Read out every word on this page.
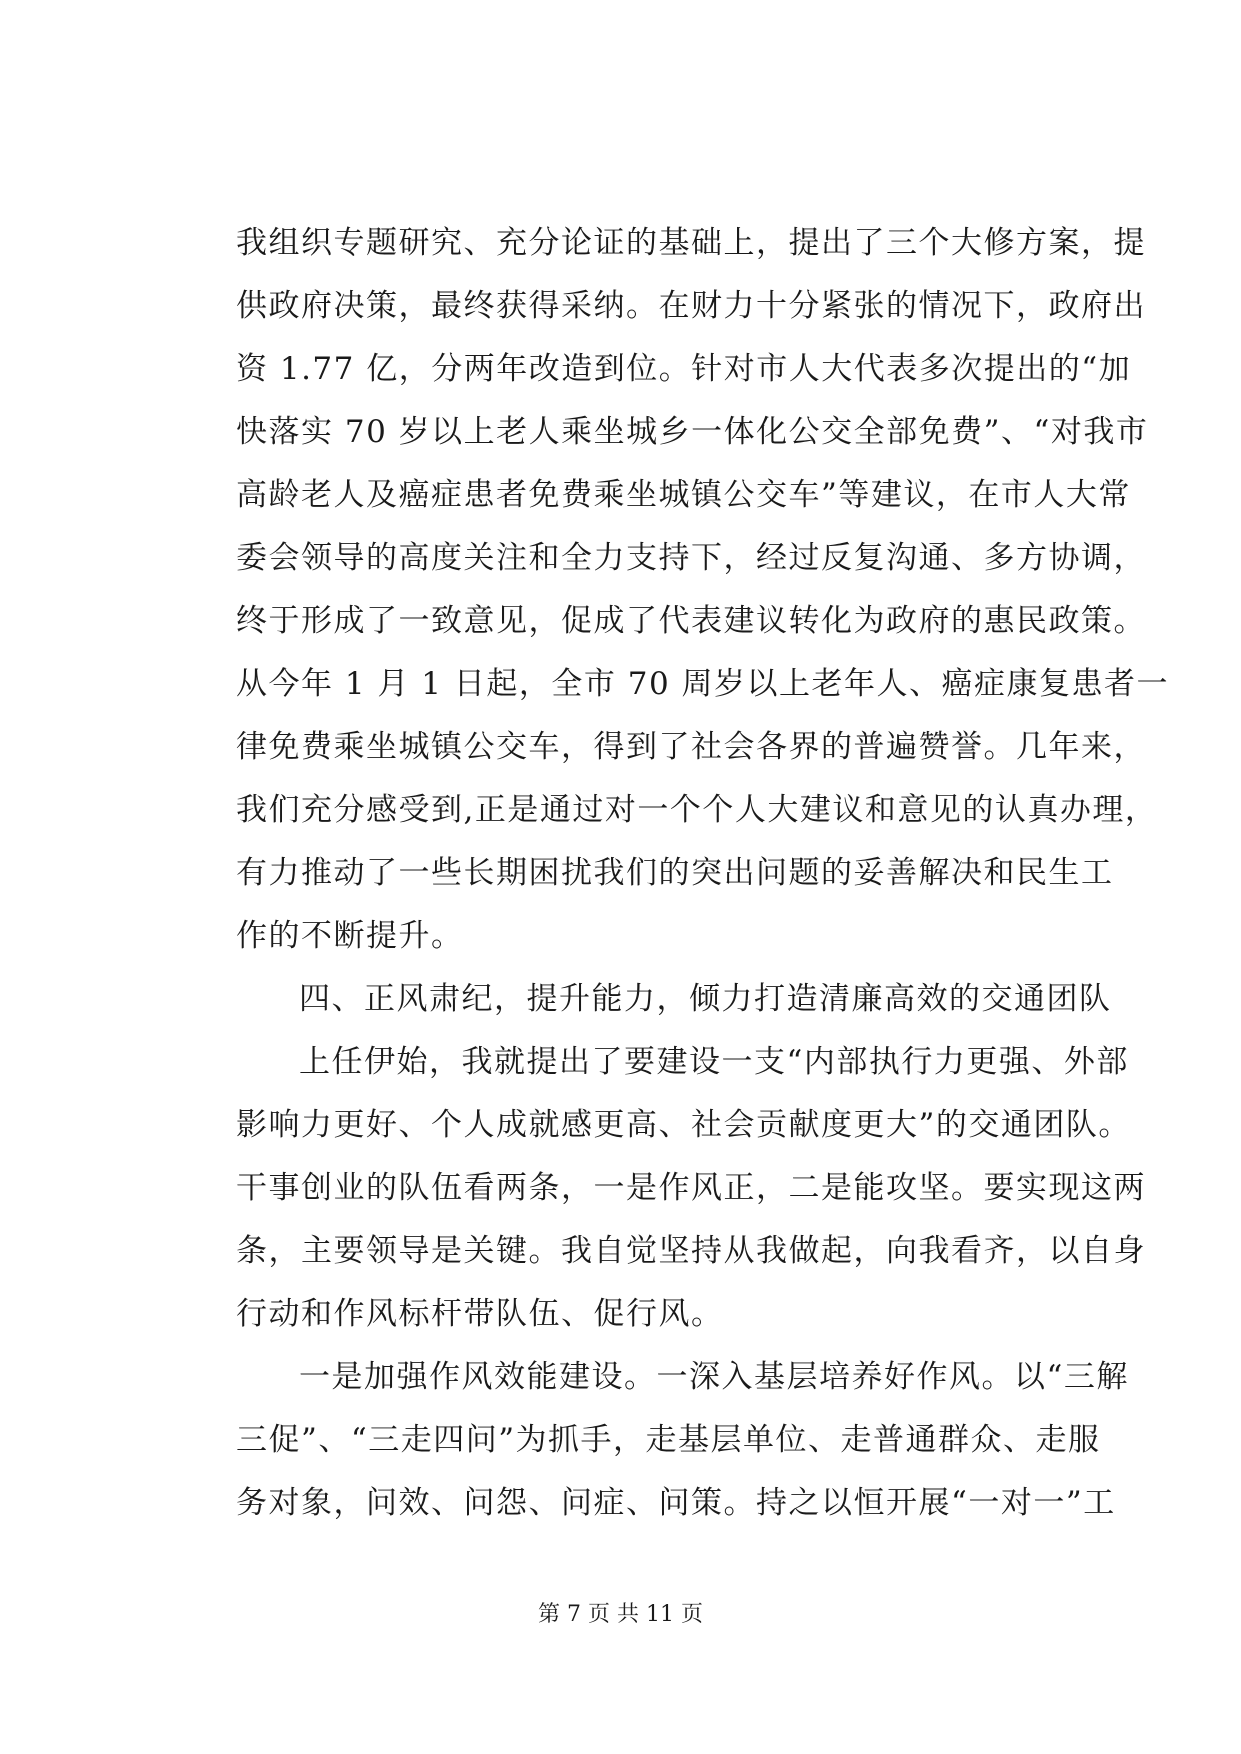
我组织专题研究、充分论证的基础上，提出了三个大修方案，提
供政府决策，最终获得采纳。在财力十分紧张的情况下，政府出
资 1.77 亿，分两年改造到位。针对市人大代表多次提出的“加
快落实 70 岁以上老人乘坐城乡一体化公交全部免费”、“对我市
高龄老人及癌症患者免费乘坐城镇公交车”等建议，在市人大常
委会领导的高度关注和全力支持下，经过反复沟通、多方协调，
终于形成了一致意见，促成了代表建议转化为政府的惠民政策。
从今年 1 月 1 日起，全市 70 周岁以上老年人、癌症康复患者一
律免费乘坐城镇公交车，得到了社会各界的普遍赞誉。几年来，
我们充分感受到,正是通过对一个个人大建议和意见的认真办理，
有力推动了一些长期困扰我们的突出问题的妥善解决和民生工
作的不断提升。
四、正风肃纪，提升能力，倾力打造清廉高效的交通团队
上任伊始，我就提出了要建设一支“内部执行力更强、外部
影响力更好、个人成就感更高、社会贡献度更大”的交通团队。
干事创业的队伍看两条，一是作风正，二是能攻坚。要实现这两
条，主要领导是关键。我自觉坚持从我做起，向我看齐，以自身
行动和作风标杆带队伍、促行风。
一是加强作风效能建设。一深入基层培养好作风。以“三解
三促”、“三走四问”为抓手，走基层单位、走普通群众、走服
务对象，问效、问怨、问症、问策。持之以恒开展“一对一”工
第 7 页 共 11 页
